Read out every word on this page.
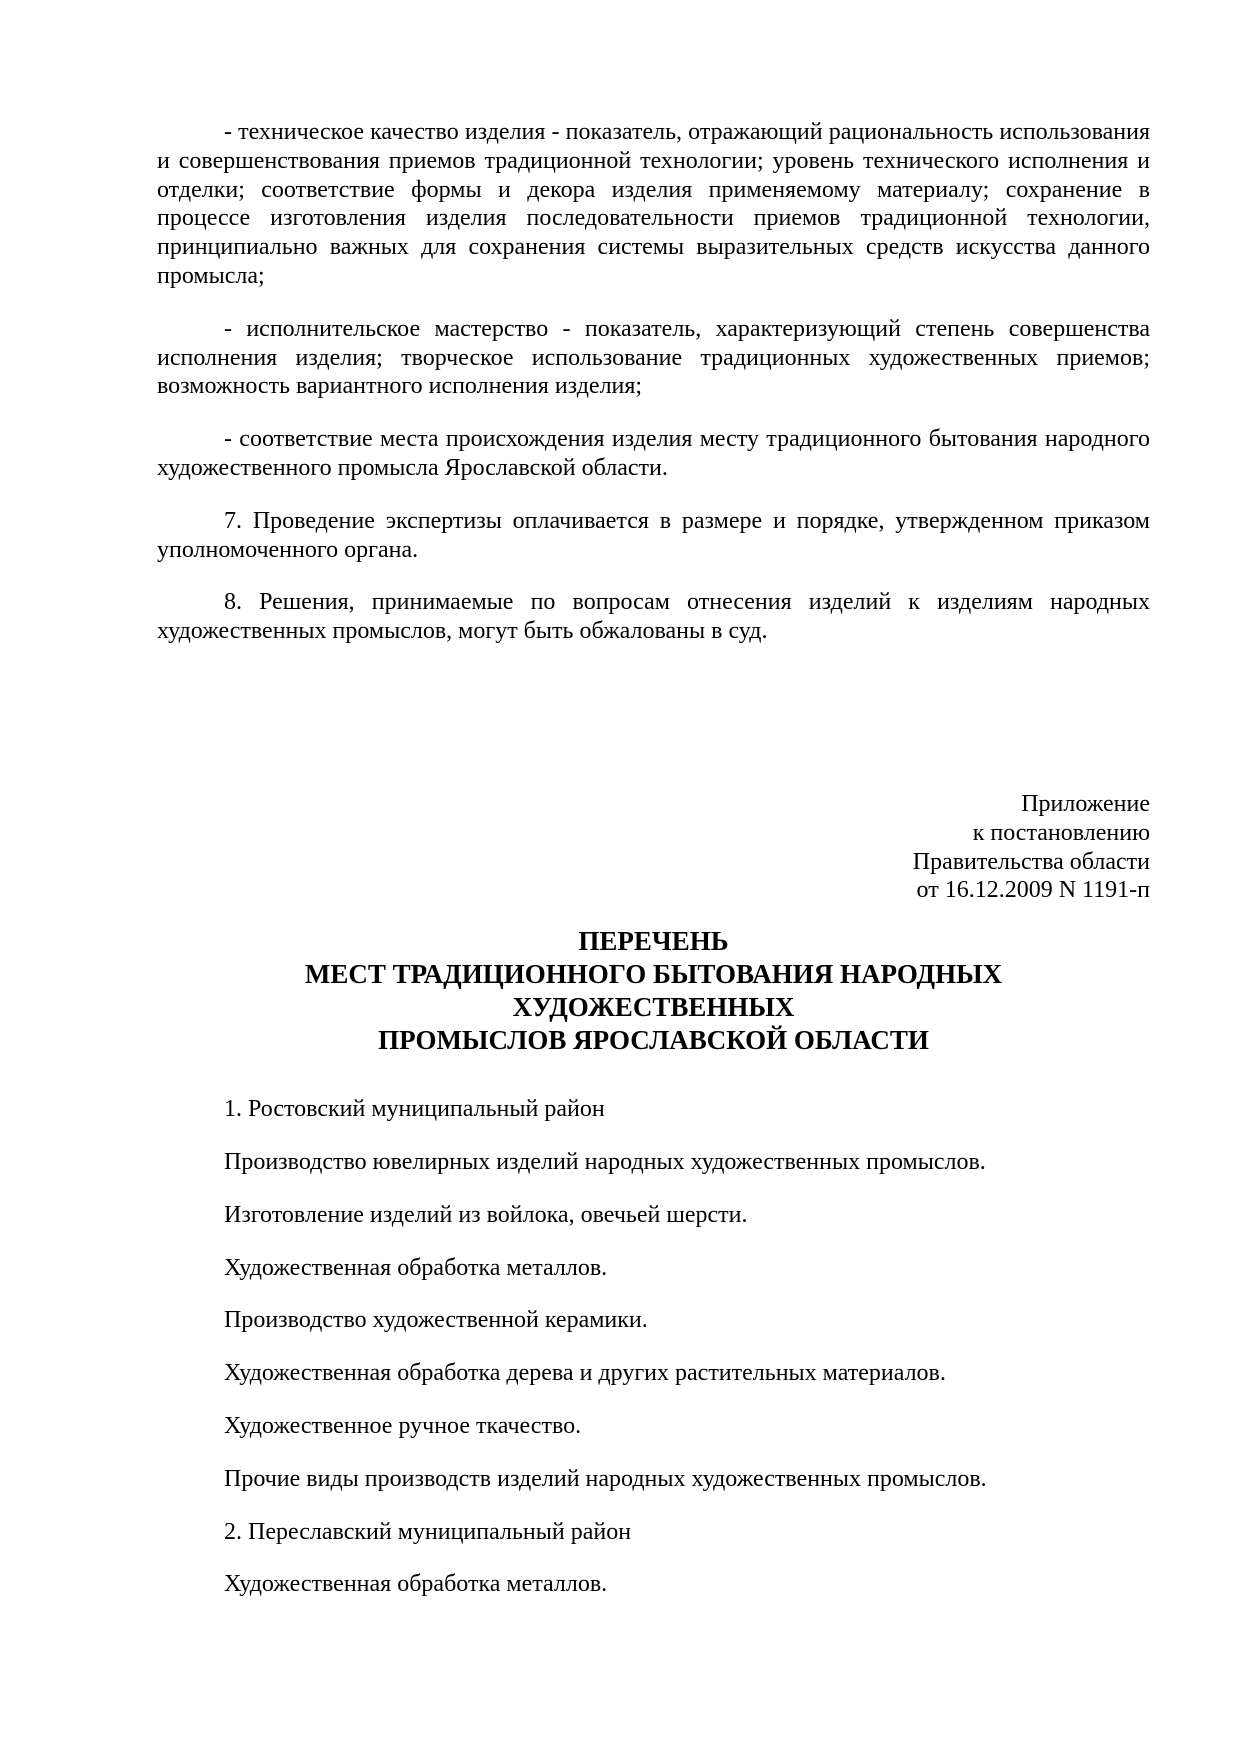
- техническое качество изделия - показатель, отражающий рациональность использования и совершенствования приемов традиционной технологии; уровень технического исполнения и отделки; соответствие формы и декора изделия применяемому материалу; сохранение в процессе изготовления изделия последовательности приемов традиционной технологии, принципиально важных для сохранения системы выразительных средств искусства данного промысла;

- исполнительское мастерство - показатель, характеризующий степень совершенства исполнения изделия; творческое использование традиционных художественных приемов; возможность вариантного исполнения изделия;

- соответствие места происхождения изделия месту традиционного бытования народного художественного промысла Ярославской области.

7. Проведение экспертизы оплачивается в размере и порядке, утвержденном приказом уполномоченного органа.

8. Решения, принимаемые по вопросам отнесения изделий к изделиям народных художественных промыслов, могут быть обжалованы в суд.

Приложение
к постановлению
Правительства области
от 16.12.2009 N 1191-п
ПЕРЕЧЕНЬ
МЕСТ ТРАДИЦИОННОГО БЫТОВАНИЯ НАРОДНЫХ
ХУДОЖЕСТВЕННЫХ
ПРОМЫСЛОВ ЯРОСЛАВСКОЙ ОБЛАСТИ

1. Ростовский муниципальный район

Производство ювелирных изделий народных художественных промыслов.

Изготовление изделий из войлока, овечьей шерсти.

Художественная обработка металлов.

Производство художественной керамики.

Художественная обработка дерева и других растительных материалов.

Художественное ручное ткачество.

Прочие виды производств изделий народных художественных промыслов.

2. Переславский муниципальный район

Художественная обработка металлов.
